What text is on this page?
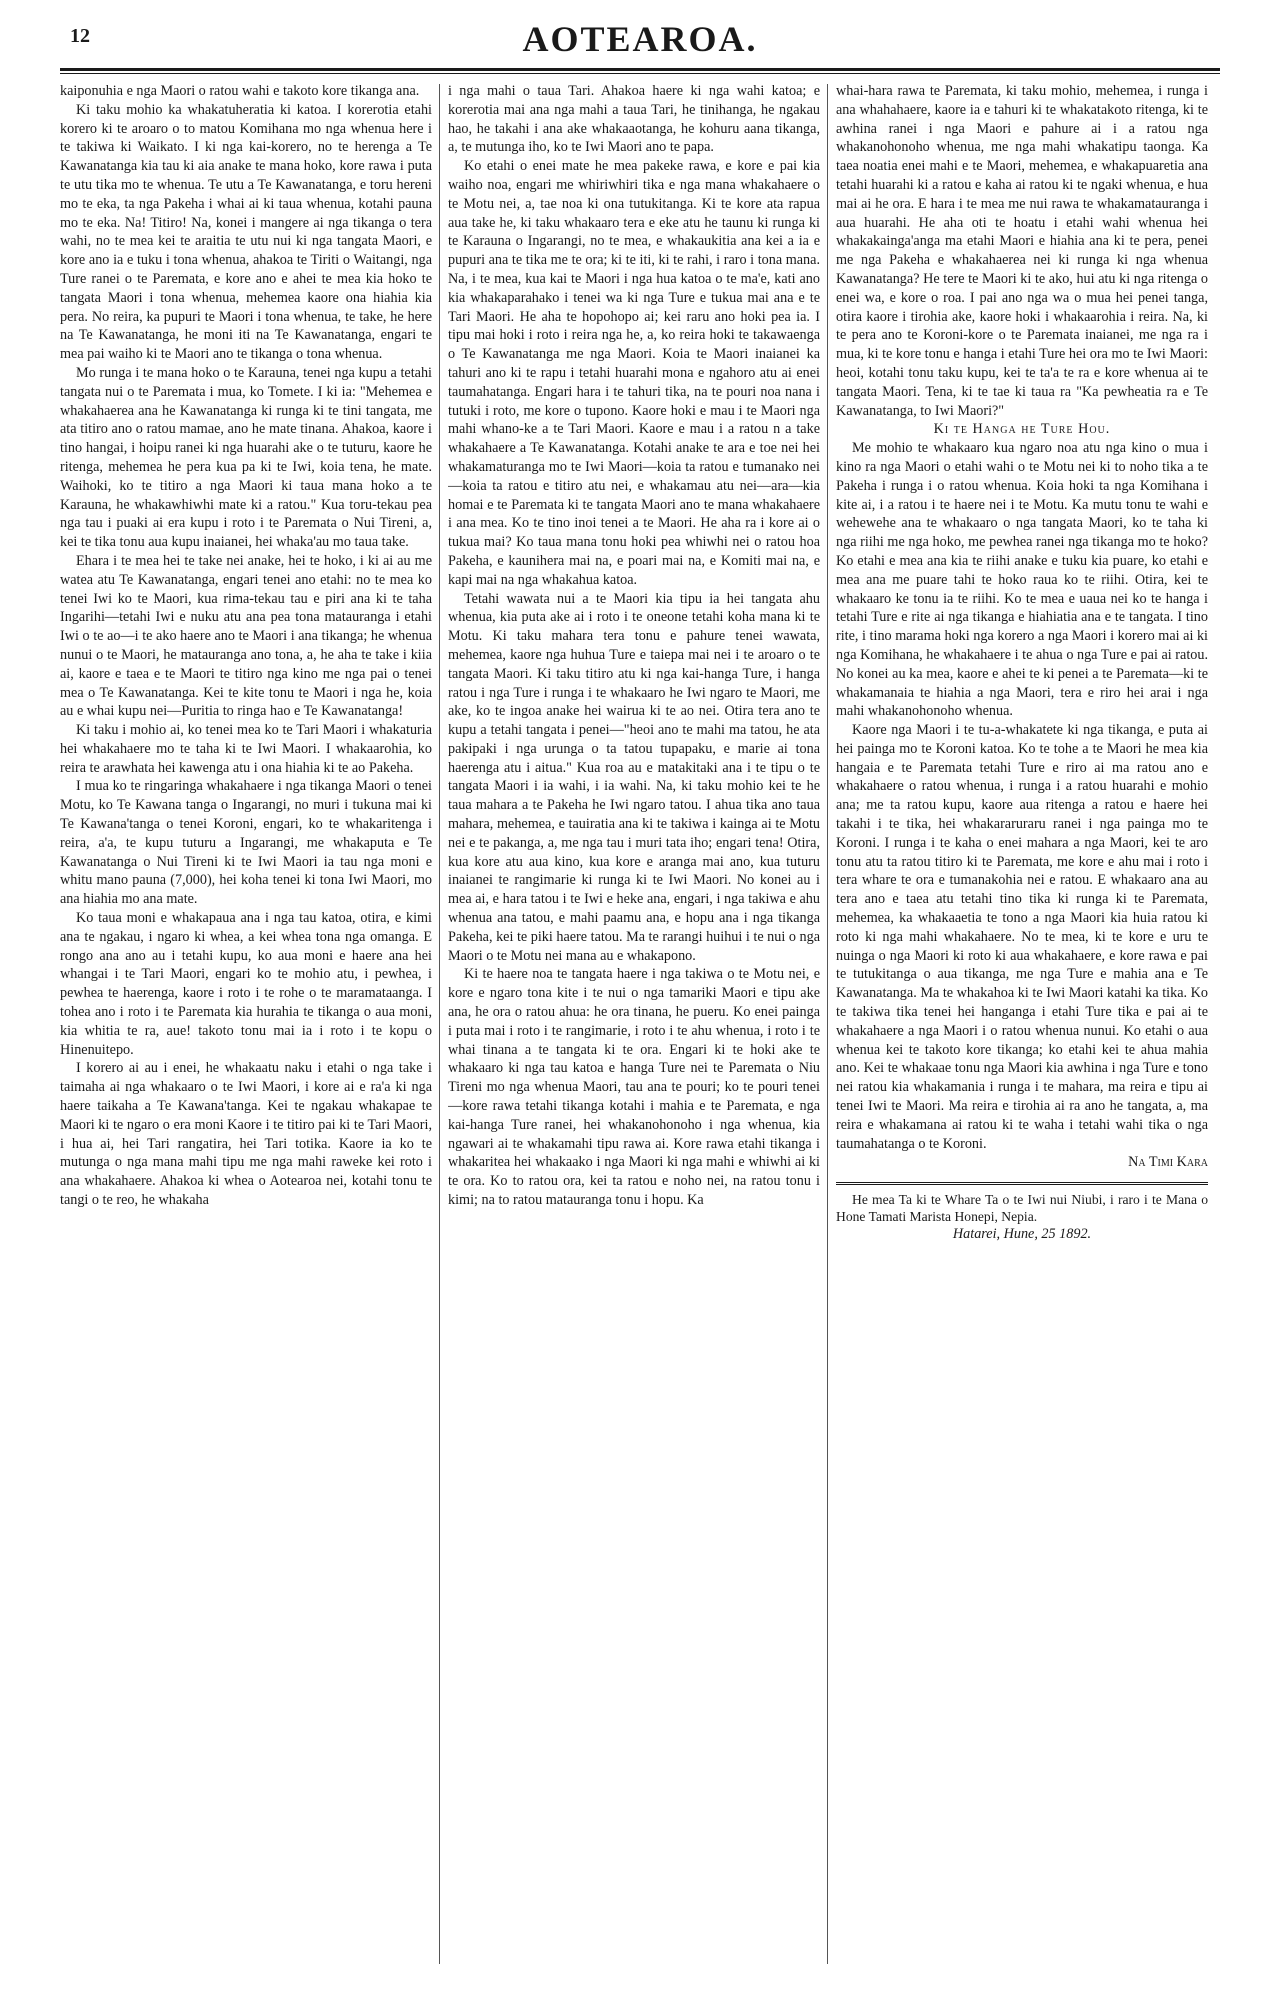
12	AOTEAROA.

kaiponuhia e nga Maori o ratou wahi e takoto kore tikanga ana.

Ki taku mohio ka whakatuheratia ki katoa. I korerotia etahi korero ki te aroaro o to matou Komihana mo nga whenua here i te takiwa ki Waikato. I ki nga kai-korero, no te herenga a Te Kawanatanga kia tau ki aia anake te mana hoko, kore rawa i puta te utu tika mo te whenua. Te utu a Te Kawanatanga, e toru hereni mo te eka, ta nga Pakeha i whai ai ki taua whenua, kotahi pauna mo te eka. Na! Titiro! Na, konei i mangere ai nga tikanga o tera wahi, no te mea kei te araitia te utu nui ki nga tangata Maori, e kore ano ia e tuku i tona whenua, ahakoa te Tiriti o Waitangi, nga Ture ranei o te Paremata, e kore ano e ahei te mea kia hoko te tangata Maori i tona whenua, mehemea kaore ona hiahia kia pera. No reira, ka pupuri te Maori i tona whenua, te take, he here na Te Kawanatanga, he moni iti na Te Kawanatanga, engari te mea pai waiho ki te Maori ano te tikanga o tona whenua.

Mo runga i te mana hoko o te Karauna, tenei nga kupu a tetahi tangata nui o te Paremata i mua, ko Tomete. I ki ia: "Mehemea e whakahaerea ana he Kawanatanga ki runga ki te tini tangata, me ata titiro ano o ratou mamae, ano he mate tinana. Ahakoa, kaore i tino hangai, i hoipu ranei ki nga huarahi ake o te tuturu, kaore he ritenga, mehemea he pera kua pa ki te Iwi, koia tena, he mate. Waihoki, ko te titiro a nga Maori ki taua mana hoko a te Karauna, he whakawhiwhi mate ki a ratou." Kua toru-tekau pea nga tau i puaki ai era kupu i roto i te Paremata o Nui Tireni, a, kei te tika tonu aua kupu inaianei, hei whaka'au mo taua take.

Ehara i te mea hei te take nei anake, hei te hoko, i ki ai au me watea atu Te Kawanatanga, engari tenei ano etahi: no te mea ko tenei Iwi ko te Maori, kua rima-tekau tau e piri ana ki te taha Ingarihi—tetahi Iwi e nuku atu ana pea tona matauranga i etahi Iwi o te ao—i te ako haere ano te Maori i ana tikanga; he whenua nunui o te Maori, he matauranga ano tona, a, he aha te take i kiia ai, kaore e taea e te Maori te titiro nga kino me nga pai o tenei mea o Te Kawanatanga. Kei te kite tonu te Maori i nga he, koia au e whai kupu nei—Puritia to ringa hao e Te Kawanatanga!

Ki taku i mohio ai, ko tenei mea ko te Tari Maori i whakaturia hei whakahaere mo te taha ki te Iwi Maori. I whakaarohia, ko reira te arawhata hei kawenga atu i ona hiahia ki te ao Pakeha.

I mua ko te ringaringa whakahaere i nga tikanga Maori o tenei Motu, ko Te Kawana tanga o Ingarangi, no muri i tukuna mai ki Te Kawana'tanga o tenei Koroni, engari, ko te whakaritenga i reira, a'a, te kupu tuturu a Ingarangi, me whakaputa e Te Kawanatanga o Nui Tireni ki te Iwi Maori ia tau nga moni e whitu mano pauna (7,000), hei koha tenei ki tona Iwi Maori, mo ana hiahia mo ana mate.

Ko taua moni e whakapaua ana i nga tau katoa, otira, e kimi ana te ngakau, i ngaro ki whea, a kei whea tona nga omanga. E rongo ana ano au i tetahi kupu, ko aua moni e haere ana hei whangai i te Tari Maori, engari ko te mohio atu, i pewhea, i pewhea te haerenga, kaore i roto i te rohe o te maramataanga. I tohea ano i roto i te Paremata kia hurahia te tikanga o aua moni, kia whitia te ra, aue! takoto tonu mai ia i roto i te kopu o Hinenuitepo.

I korero ai au i enei, he whakaatu naku i etahi o nga take i taimaha ai nga whakaaro o te Iwi Maori, i kore ai e ra'a ki nga haere taikaha a Te Kawana'tanga. Kei te ngakau whakapae te Maori ki te ngaro o era moni Kaore i te titiro pai ki te Tari Maori, i hua ai, hei Tari rangatira, hei Tari totika. Kaore ia ko te mutunga o nga mana mahi tipu me nga mahi raweke kei roto i ana whakahaere. Ahakoa ki whea o Aotearoa nei, kotahi tonu te tangi o te reo, he whakaha

i nga mahi o taua Tari. Ahakoa haere ki nga wahi katoa; e korerotia mai ana nga mahi a taua Tari, he tinihanga, he ngakau hao, he takahi i ana ake whakaaotanga, he kohuru aana tikanga, a, te mutunga iho, ko te Iwi Maori ano te papa.

Ko etahi o enei mate he mea pakeke rawa, e kore e pai kia waiho noa, engari me whiriwhiri tika e nga mana whakahaere o te Motu nei, a, tae noa ki ona tutukitanga. Ki te kore ata rapua aua take he, ki taku whakaaro tera e eke atu he taunu ki runga ki te Karauna o Ingarangi, no te mea, e whakaukitia ana kei a ia e pupuri ana te tika me te ora; ki te iti, ki te rahi, i raro i tona mana. Na, i te mea, kua kai te Maori i nga hua katoa o te ma'e, kati ano kia whakaparahako i tenei wa ki nga Ture e tukua mai ana e te Tari Maori. He aha te hopohopo ai; kei raru ano hoki pea ia. I tipu mai hoki i roto i reira nga he, a, ko reira hoki te takawaenga o Te Kawanatanga me nga Maori. Koia te Maori inaianei ka tahuri ano ki te rapu i tetahi huarahi mona e ngahoro atu ai enei taumahatanga. Engari hara i te tahuri tika, na te pouri noa nana i tutuki i roto, me kore o tupono. Kaore hoki e mau i te Maori nga mahi whano-ke a te Tari Maori. Kaore e mau i a ratou n a take whakahaere a Te Kawanatanga. Kotahi anake te ara e toe nei hei whakamaturanga mo te Iwi Maori—koia ta ratou e tumanako nei—koia ta ratou e titiro atu nei, e whakamau atu nei—ara—kia homai e te Paremata ki te tangata Maori ano te mana whakahaere i ana mea. Ko te tino inoi tenei a te Maori. He aha ra i kore ai o tukua mai? Ko taua mana tonu hoki pea whiwhi nei o ratou hoa Pakeha, e kaunihera mai na, e poari mai na, e Komiti mai na, e kapi mai na nga whakahua katoa.

Tetahi wawata nui a te Maori kia tipu ia hei tangata ahu whenua, kia puta ake ai i roto i te oneone tetahi koha mana ki te Motu. Ki taku mahara tera tonu e pahure tenei wawata, mehemea, kaore nga huhua Ture e taiepa mai nei i te aroaro o te tangata Maori. Ki taku titiro atu ki nga kai-hanga Ture, i hanga ratou i nga Ture i runga i te whakaaro he Iwi ngaro te Maori, me ake, ko te ingoa anake hei wairua ki te ao nei. Otira tera ano te kupu a tetahi tangata i penei—"heoi ano te mahi ma tatou, he ata pakipaki i nga urunga o ta tatou tupapaku, e marie ai tona haerenga atu i aitua." Kua roa au e matakitaki ana i te tipu o te tangata Maori i ia wahi, i ia wahi. Na, ki taku mohio kei te he taua mahara a te Pakeha he Iwi ngaro tatou. I ahua tika ano taua mahara, mehemea, e tauiratia ana ki te takiwa i kainga ai te Motu nei e te pakanga, a, me nga tau i muri tata iho; engari tena! Otira, kua kore atu aua kino, kua kore e aranga mai ano, kua tuturu inaianei te rangimarie ki runga ki te Iwi Maori. No konei au i mea ai, e hara tatou i te Iwi e heke ana, engari, i nga takiwa e ahu whenua ana tatou, e mahi paamu ana, e hopu ana i nga tikanga Pakeha, kei te piki haere tatou. Ma te rarangi huihui i te nui o nga Maori o te Motu nei mana au e whakapono.

Ki te haere noa te tangata haere i nga takiwa o te Motu nei, e kore e ngaro tona kite i te nui o nga tamariki Maori e tipu ake ana, he ora o ratou ahua: he ora tinana, he pueru. Ko enei painga i puta mai i roto i te rangimarie, i roto i te ahu whenua, i roto i te whai tinana a te tangata ki te ora. Engari ki te hoki ake te whakaaro ki nga tau katoa e hanga Ture nei te Paremata o Niu Tireni mo nga whenua Maori, tau ana te pouri; ko te pouri tenei—kore rawa tetahi tikanga kotahi i mahia e te Paremata, e nga kai-hanga Ture ranei, hei whakanohonoho i nga whenua, kia ngawari ai te whakamahi tipu rawa ai. Kore rawa etahi tikanga i whakaritea hei whakaako i nga Maori ki nga mahi e whiwhi ai ki te ora. Ko to ratou ora, kei ta ratou e noho nei, na ratou tonu i kimi; na to ratou matauranga tonu i hopu. Ka

whai-hara rawa te Paremata, ki taku mohio, mehemea, i runga i ana whahahaere, kaore ia e tahuri ki te whakatakoto ritenga, ki te awhina ranei i nga Maori e pahure ai i a ratou nga whakanohonoho whenua, me nga mahi whakatipu taonga. Ka taea noatia enei mahi e te Maori, mehemea, e whakapuaretia ana tetahi huarahi ki a ratou e kaha ai ratou ki te ngaki whenua, e hua mai ai he ora. E hara i te mea me nui rawa te whakamatauranga i aua huarahi. He aha oti te hoatu i etahi wahi whenua hei whakakainga'anga ma etahi Maori e hiahia ana ki te pera, penei me nga Pakeha e whakahaerea nei ki runga ki nga whenua Kawanatanga? He tere te Maori ki te ako, hui atu ki nga ritenga o enei wa, e kore o roa. I pai ano nga wa o mua hei penei tanga, otira kaore i tirohia ake, kaore hoki i whakaarohia i reira. Na, ki te pera ano te Koroni-kore o te Paremata inaianei, me nga ra i mua, ki te kore tonu e hanga i etahi Ture hei ora mo te Iwi Maori: heoi, kotahi tonu taku kupu, kei te ta'a te ra e kore whenua ai te tangata Maori. Tena, ki te tae ki taua ra "Ka pewheatia ra e Te Kawanatanga, to Iwi Maori?"

Ki te Hanga he Ture Hou.

Me mohio te whakaaro kua ngaro noa atu nga kino o mua i kino ra nga Maori o etahi wahi o te Motu nei ki to noho tika a te Pakeha i runga i o ratou whenua. Koia hoki ta nga Komihana i kite ai, i a ratou i te haere nei i te Motu. Ka mutu tonu te wahi e wehewehe ana te whakaaro o nga tangata Maori, ko te taha ki nga riihi me nga hoko, me pewhea ranei nga tikanga mo te hoko? Ko etahi e mea ana kia te riihi anake e tuku kia puare, ko etahi e mea ana me puare tahi te hoko raua ko te riihi. Otira, kei te whakaaro ke tonu ia te riihi. Ko te mea e uaua nei ko te hanga i tetahi Ture e rite ai nga tikanga e hiahiatia ana e te tangata. I tino rite, i tino marama hoki nga korero a nga Maori i korero mai ai ki nga Komihana, he whakahaere i te ahua o nga Ture e pai ai ratou. No konei au ka mea, kaore e ahei te ki penei a te Paremata—ki te whakamanaia te hiahia a nga Maori, tera e riro hei arai i nga mahi whakanohonoho whenua.

Kaore nga Maori i te tu-a-whakatete ki nga tikanga, e puta ai hei painga mo te Koroni katoa. Ko te tohe a te Maori he mea kia hangaia e te Paremata tetahi Ture e riro ai ma ratou ano e whakahaere o ratou whenua, i runga i a ratou huarahi e mohio ana; me ta ratou kupu, kaore aua ritenga a ratou e haere hei takahi i te tika, hei whakararuraru ranei i nga painga mo te Koroni. I runga i te kaha o enei mahara a nga Maori, kei te aro tonu atu ta ratou titiro ki te Paremata, me kore e ahu mai i roto i tera whare te ora e tumanakohia nei e ratou. E whakaaro ana au tera ano e taea atu tetahi tino tika ki runga ki te Paremata, mehemea, ka whakaaetia te tono a nga Maori kia huia ratou ki roto ki nga mahi whakahaere. No te mea, ki te kore e uru te nuinga o nga Maori ki roto ki aua whakahaere, e kore rawa e pai te tutukitanga o aua tikanga, me nga Ture e mahia ana e Te Kawanatanga. Ma te whakahoa ki te Iwi Maori katahi ka tika. Ko te takiwa tika tenei hei hanganga i etahi Ture tika e pai ai te whakahaere a nga Maori i o ratou whenua nunui. Ko etahi o aua whenua kei te takoto kore tikanga; ko etahi kei te ahua mahia ano. Kei te whakaae tonu nga Maori kia awhina i nga Ture e tono nei ratou kia whakamania i runga i te mahara, ma reira e tipu ai tenei Iwi te Maori. Ma reira e tirohia ai ra ano he tangata, a, ma reira e whakamana ai ratou ki te waha i tetahi wahi tika o nga taumahatanga o te Koroni.

Na Timi Kara

He mea Ta ki te Whare Ta o te Iwi nui Niubi, i raro i te Mana o Hone Tamati Marista Honepi, Nepia.

Hatarei, Hune, 25 1892.
